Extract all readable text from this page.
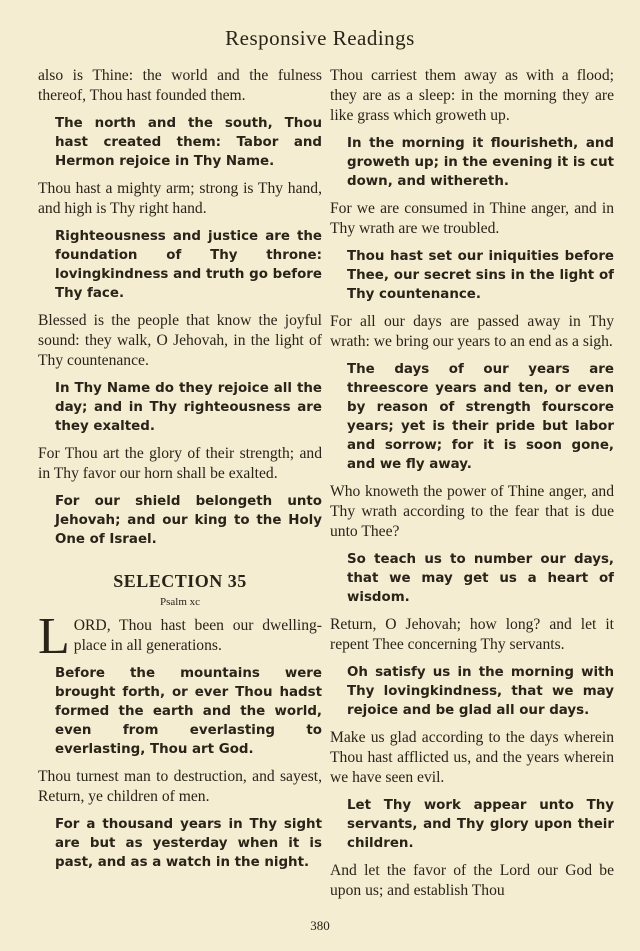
Responsive Readings

also is Thine: the world and the fulness thereof, Thou hast founded them.

The north and the south, Thou hast created them: Tabor and Hermon rejoice in Thy Name.

Thou hast a mighty arm; strong is Thy hand, and high is Thy right hand.

Righteousness and justice are the foundation of Thy throne: lovingkindness and truth go before Thy face.

Blessed is the people that know the joyful sound: they walk, O Jehovah, in the light of Thy countenance.

In Thy Name do they rejoice all the day; and in Thy righteousness are they exalted.

For Thou art the glory of their strength; and in Thy favor our horn shall be exalted.

For our shield belongeth unto Jehovah; and our king to the Holy One of Israel.

SELECTION 35
Psalm xc

LORD, Thou hast been our dwelling-place in all generations.

Before the mountains were brought forth, or ever Thou hadst formed the earth and the world, even from everlasting to everlasting, Thou art God.

Thou turnest man to destruction, and sayest, Return, ye children of men.

For a thousand years in Thy sight are but as yesterday when it is past, and as a watch in the night.

Thou carriest them away as with a flood; they are as a sleep: in the morning they are like grass which groweth up.

In the morning it flourisheth, and groweth up; in the evening it is cut down, and withereth.

For we are consumed in Thine anger, and in Thy wrath are we troubled.

Thou hast set our iniquities before Thee, our secret sins in the light of Thy countenance.

For all our days are passed away in Thy wrath: we bring our years to an end as a sigh.

The days of our years are threescore years and ten, or even by reason of strength fourscore years; yet is their pride but labor and sorrow; for it is soon gone, and we fly away.

Who knoweth the power of Thine anger, and Thy wrath according to the fear that is due unto Thee?

So teach us to number our days, that we may get us a heart of wisdom.

Return, O Jehovah; how long? and let it repent Thee concerning Thy servants.

Oh satisfy us in the morning with Thy lovingkindness, that we may rejoice and be glad all our days.

Make us glad according to the days wherein Thou hast afflicted us, and the years wherein we have seen evil.

Let Thy work appear unto Thy servants, and Thy glory upon their children.

And let the favor of the Lord our God be upon us; and establish Thou

380
